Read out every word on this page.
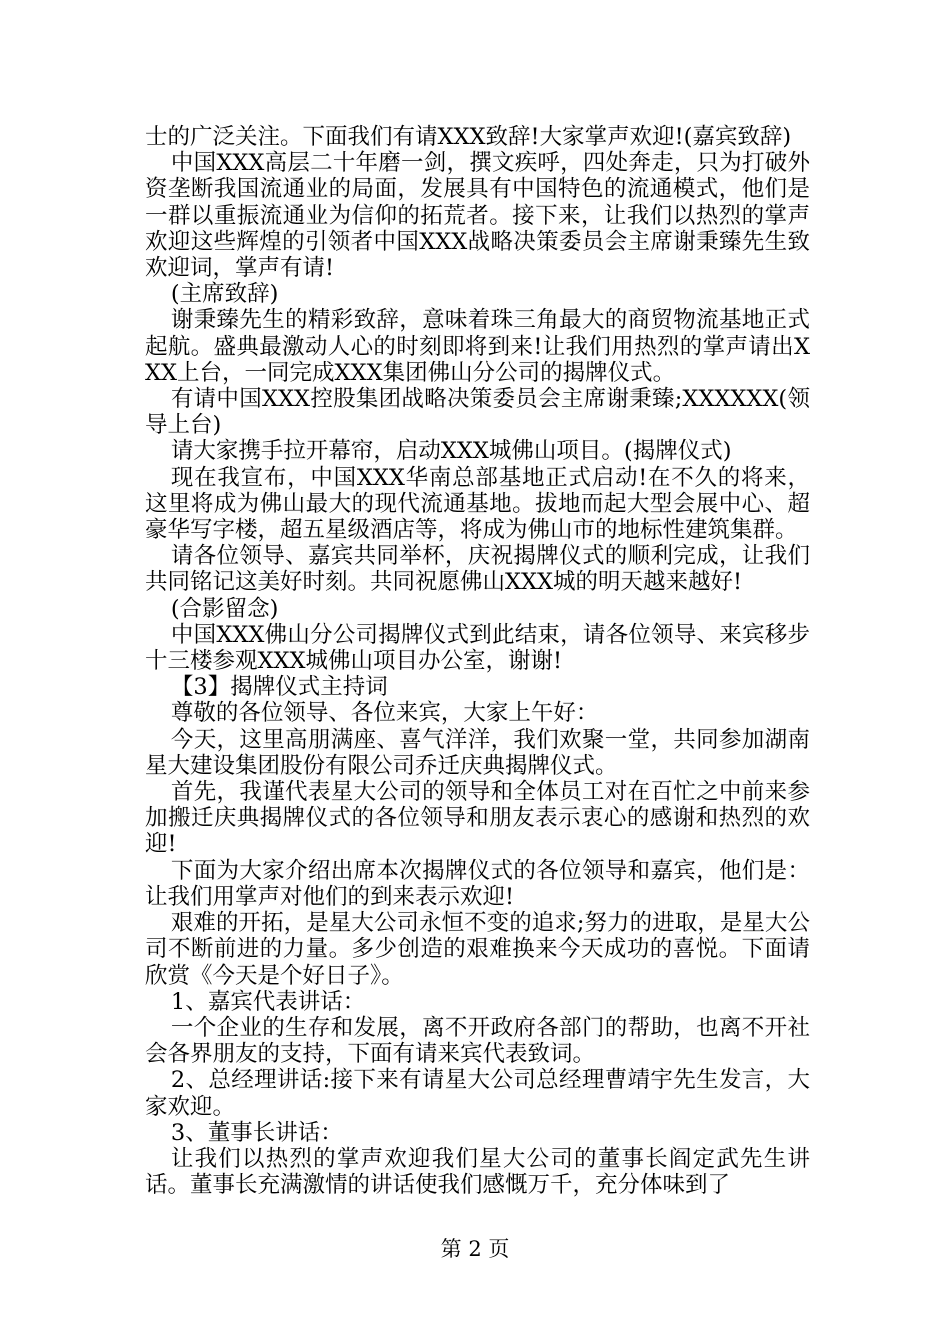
士的广泛关注。下面我们有请XXX致辞!大家掌声欢迎!(嘉宾致辞)

中国XXX高层二十年磨一剑，撰文疾呼，四处奔走，只为打破外资垄断我国流通业的局面，发展具有中国特色的流通模式，他们是一群以重振流通业为信仰的拓荒者。接下来，让我们以热烈的掌声欢迎这些辉煌的引领者中国XXX战略决策委员会主席谢秉臻先生致欢迎词，掌声有请!

(主席致辞)

谢秉臻先生的精彩致辞，意味着珠三角最大的商贸物流基地正式起航。盛典最激动人心的时刻即将到来!让我们用热烈的掌声请出XXX上台，一同完成XXX集团佛山分公司的揭牌仪式。

有请中国XXX控股集团战略决策委员会主席谢秉臻;XXXXXX(领导上台)

请大家携手拉开幕帘，启动XXX城佛山项目。(揭牌仪式)

现在我宣布，中国XXX华南总部基地正式启动!在不久的将来，这里将成为佛山最大的现代流通基地。拔地而起大型会展中心、超豪华写字楼，超五星级酒店等，将成为佛山市的地标性建筑集群。

请各位领导、嘉宾共同举杯，庆祝揭牌仪式的顺利完成，让我们共同铭记这美好时刻。共同祝愿佛山XXX城的明天越来越好!

(合影留念)

中国XXX佛山分公司揭牌仪式到此结束，请各位领导、来宾移步十三楼参观XXX城佛山项目办公室，谢谢!

【3】揭牌仪式主持词

尊敬的各位领导、各位来宾，大家上午好：

今天，这里高朋满座、喜气洋洋，我们欢聚一堂，共同参加湖南星大建设集团股份有限公司乔迁庆典揭牌仪式。

首先，我谨代表星大公司的领导和全体员工对在百忙之中前来参加搬迁庆典揭牌仪式的各位领导和朋友表示衷心的感谢和热烈的欢迎!

下面为大家介绍出席本次揭牌仪式的各位领导和嘉宾，他们是：让我们用掌声对他们的到来表示欢迎!

艰难的开拓，是星大公司永恒不变的追求;努力的进取，是星大公司不断前进的力量。多少创造的艰难换来今天成功的喜悦。下面请欣赏《今天是个好日子》。

1、嘉宾代表讲话：

一个企业的生存和发展，离不开政府各部门的帮助，也离不开社会各界朋友的支持，下面有请来宾代表致词。

2、总经理讲话:接下来有请星大公司总经理曹靖宇先生发言，大家欢迎。

3、董事长讲话：

让我们以热烈的掌声欢迎我们星大公司的董事长阎定武先生讲话。董事长充满激情的讲话使我们感慨万千，充分体味到了

第 2 页
